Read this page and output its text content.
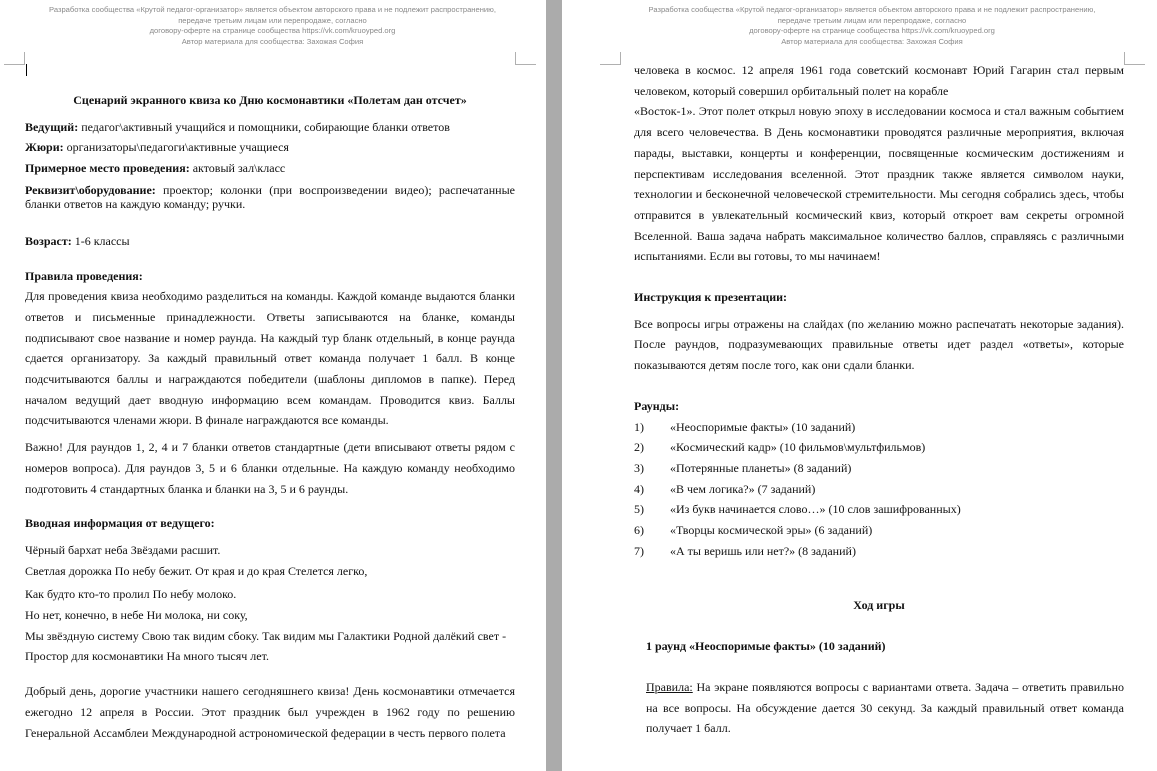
Разработка сообщества «Крутой педагог-организатор» является объектом авторского права и не подлежит распространению,
передаче третьим лицам или перепродаже, согласно
договору-оферте на странице сообщества https://vk.com/kruoyped.org
Автор материала для сообщества: Захожая София

Сценарий экранного квиза ко Дню космонавтики «Полетам дан отсчет»

Ведущий: педагог\активный учащийся и помощники, собирающие бланки ответов

Жюри: организаторы\педагоги\активные учащиеся

Примерное место проведения: актовый зал\класс

Реквизит\оборудование: проектор; колонки (при воспроизведении видео); распечатанные бланки ответов на каждую команду; ручки.

Возраст: 1-6 классы

Правила проведения:

Для проведения квиза необходимо разделиться на команды. Каждой команде выдаются бланки ответов и письменные принадлежности. Ответы записываются на бланке, команды подписывают свое название и номер раунда. На каждый тур бланк отдельный, в конце раунда сдается организатору. За каждый правильный ответ команда получает 1 балл. В конце подсчитываются баллы и награждаются победители (шаблоны дипломов в папке). Перед началом ведущий дает вводную информацию всем командам. Проводится квиз. Баллы подсчитываются членами жюри. В финале награждаются все команды.

Важно! Для раундов 1, 2, 4 и 7 бланки ответов стандартные (дети вписывают ответы рядом с номеров вопроса). Для раундов 3, 5 и 6 бланки отдельные. На каждую команду необходимо подготовить 4 стандартных бланка и бланки на 3, 5 и 6 раунды.

Вводная информация от ведущего:

Чёрный бархат неба Звёздами расшит.

Светлая дорожка По небу бежит. От края и до края Стелется легко,

Как будто кто-то пролил По небу молоко.

Но нет, конечно, в небе Ни молока, ни соку,

Мы звёздную систему Свою так видим сбоку. Так видим мы Галактики Родной далёкий свет -

Простор для космонавтики На много тысяч лет.

Добрый день, дорогие участники нашего сегодняшнего квиза! День космонавтики отмечается ежегодно 12 апреля в России. Этот праздник был учрежден в 1962 году по решению Генеральной Ассамблеи Международной астрономической федерации в честь первого полета

Разработка сообщества «Крутой педагог-организатор» является объектом авторского права и не подлежит распространению,
передаче третьим лицам или перепродаже, согласно
договору-оферте на странице сообщества https://vk.com/kruoyped.org
Автор материала для сообщества: Захожая София

человека в космос. 12 апреля 1961 года советский космонавт Юрий Гагарин стал первым человеком, который совершил орбитальный полет на корабле

«Восток-1». Этот полет открыл новую эпоху в исследовании космоса и стал важным событием для всего человечества. В День космонавтики проводятся различные мероприятия, включая парады, выставки, концерты и конференции, посвященные космическим достижениям и перспективам исследования вселенной. Этот праздник также является символом науки, технологии и бесконечной человеческой стремительности. Мы сегодня собрались здесь, чтобы отправится в увлекательный космический квиз, который откроет вам секреты огромной Вселенной. Ваша задача набрать максимальное количество баллов, справляясь с различными испытаниями. Если вы готовы, то мы начинаем!

Инструкция к презентации:

Все вопросы игры отражены на слайдах (по желанию можно распечатать некоторые задания). После раундов, подразумевающих правильные ответы идет раздел «ответы», которые показываются детям после того, как они сдали бланки.

Раунды:

1)	«Неоспоримые факты» (10 заданий)
2)	«Космический кадр» (10 фильмов\мультфильмов)
3)	«Потерянные планеты» (8 заданий)
4)	«В чем логика?» (7 заданий)
5)	«Из букв начинается слово…» (10 слов зашифрованных)
6)	«Творцы космической эры» (6 заданий)
7)	«А ты веришь или нет?» (8 заданий)

Ход игры

1 раунд «Неоспоримые факты» (10 заданий)

Правила: На экране появляются вопросы с вариантами ответа. Задача – ответить правильно на все вопросы. На обсуждение дается 30 секунд. За каждый правильный ответ команда получает 1 балл.
